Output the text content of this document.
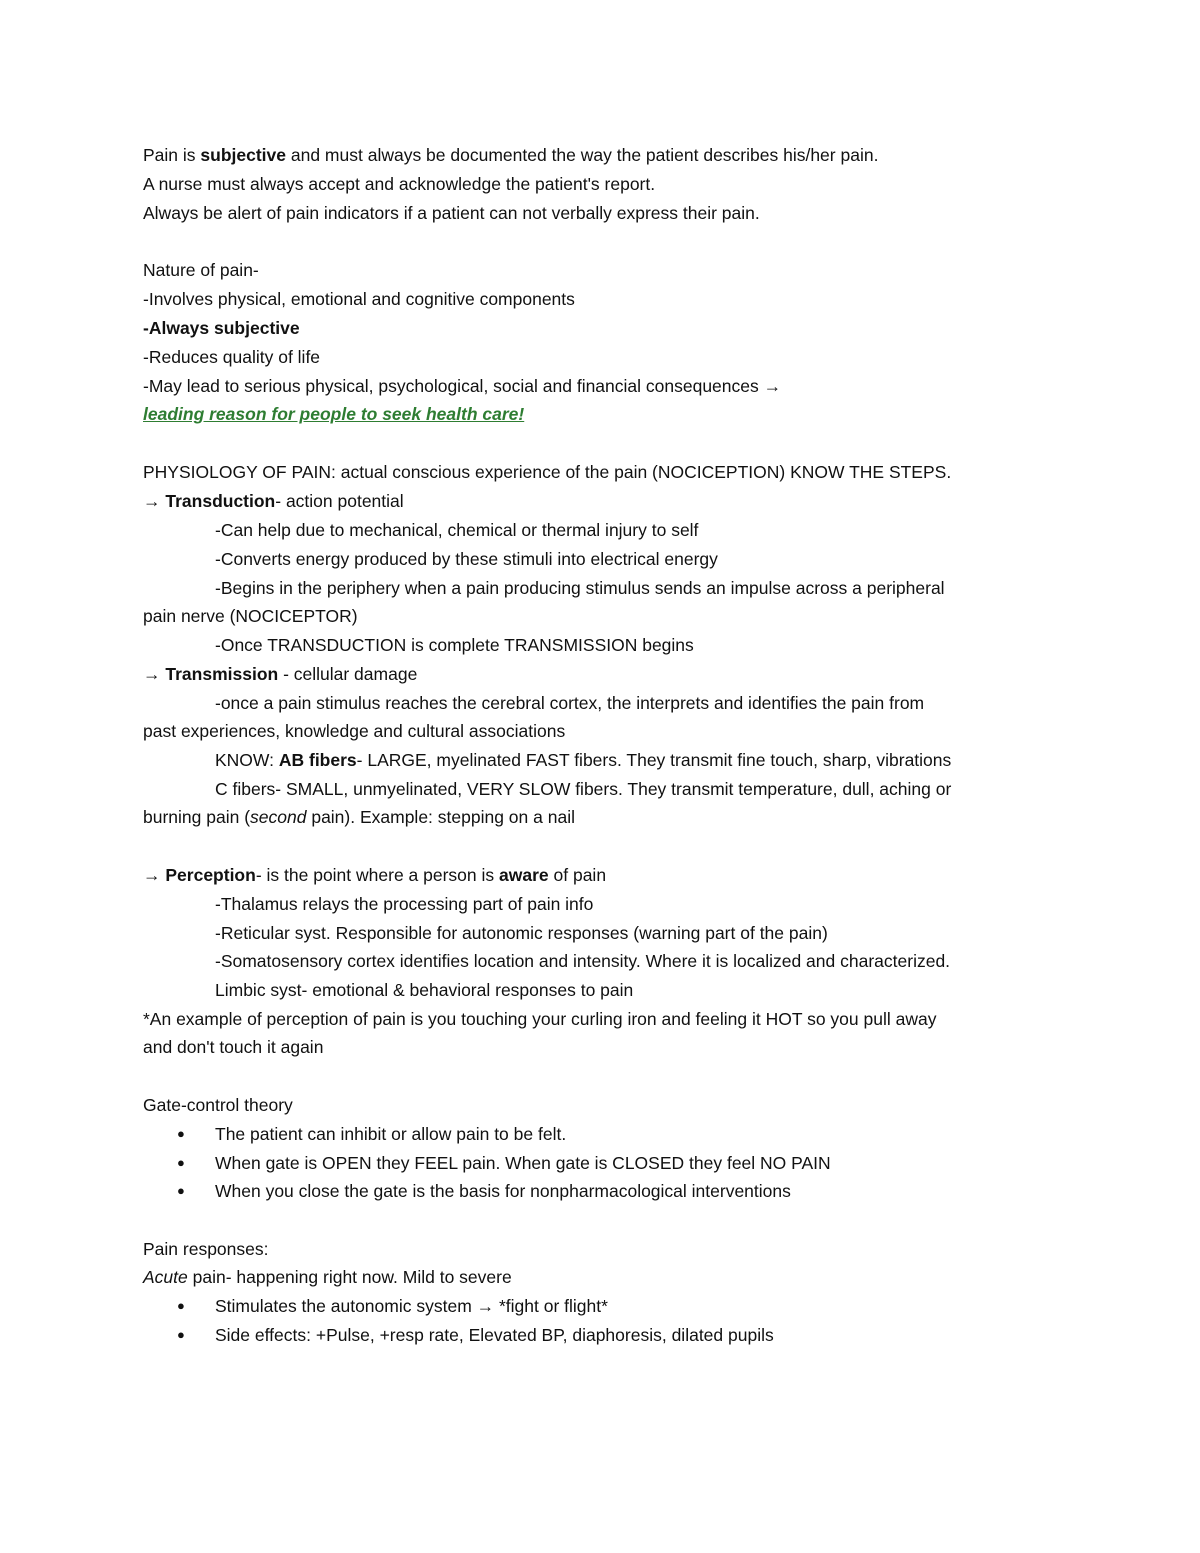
Pain is subjective and must always be documented the way the patient describes his/her pain.
A nurse must always accept and acknowledge the patient's report.
Always be alert of pain indicators if a patient can not verbally express their pain.
Nature of pain-
-Involves physical, emotional and cognitive components
-Always subjective
-Reduces quality of life
-May lead to serious physical, psychological, social and financial consequences →
leading reason for people to seek health care!
PHYSIOLOGY OF PAIN: actual conscious experience of the pain (NOCICEPTION) KNOW THE STEPS.
→ Transduction- action potential
-Can help due to mechanical, chemical or thermal injury to self
-Converts energy produced by these stimuli into electrical energy
-Begins in the periphery when a pain producing stimulus sends an impulse across a peripheral
pain nerve (NOCICEPTOR)
-Once TRANSDUCTION is complete TRANSMISSION begins
→ Transmission - cellular damage
-once a pain stimulus reaches the cerebral cortex, the interprets and identifies the pain from
past experiences, knowledge and cultural associations
KNOW: AB fibers- LARGE, myelinated FAST fibers. They transmit fine touch, sharp, vibrations
C fibers- SMALL, unmyelinated, VERY SLOW fibers. They transmit temperature, dull, aching or
burning pain (second pain). Example: stepping on a nail
→ Perception- is the point where a person is aware of pain
-Thalamus relays the processing part of pain info
-Reticular syst. Responsible for autonomic responses (warning part of the pain)
-Somatosensory cortex identifies location and intensity. Where it is localized and characterized.
Limbic syst- emotional & behavioral responses to pain
*An example of perception of pain is you touching your curling iron and feeling it HOT so you pull away
and don't touch it again
Gate-control theory
● The patient can inhibit or allow pain to be felt.
● When gate is OPEN they FEEL pain. When gate is CLOSED they feel NO PAIN
● When you close the gate is the basis for nonpharmacological interventions
Pain responses:
Acute pain- happening right now. Mild to severe
● Stimulates the autonomic system → *fight or flight*
● Side effects: +Pulse, +resp rate, Elevated BP, diaphoresis, dilated pupils
